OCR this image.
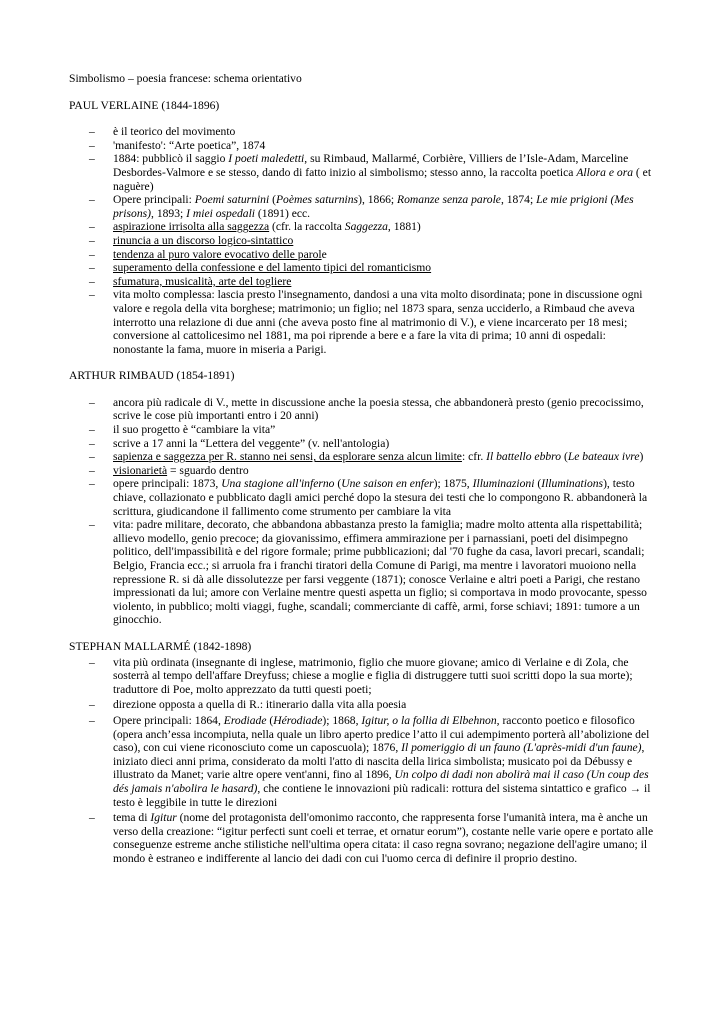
Simbolismo – poesia francese: schema orientativo

PAUL VERLAINE (1844-1896)

– è il teorico del movimento
– 'manifesto': “Arte poetica”, 1874
– 1884: pubblicò il saggio I poeti maledetti, su Rimbaud, Mallarmé, Corbière, Villiers de l’Isle-Adam, Marceline Desbordes-Valmore e se stesso, dando di fatto inizio al simbolismo; stesso anno, la raccolta poetica Allora e ora ( et naguère)
– Opere principali: Poemi saturnini (Poèmes saturnins), 1866; Romanze senza parole, 1874; Le mie prigioni (Mes prisons), 1893; I miei ospedali (1891) ecc.
– aspirazione irrisolta alla saggezza (cfr. la raccolta Saggezza, 1881)
– rinuncia a un discorso logico-sintattico
– tendenza al puro valore evocativo delle parole
– superamento della confessione e del lamento tipici del romanticismo
– sfumatura, musicalità, arte del togliere
– vita molto complessa: lascia presto l'insegnamento, dandosi a una vita molto disordinata; pone in discussione ogni valore e regola della vita borghese; matrimonio; un figlio; nel 1873 spara, senza ucciderlo, a Rimbaud che aveva interrotto una relazione di due anni (che aveva posto fine al matrimonio di V.), e viene incarcerato per 18 mesi; conversione al cattolicesimo nel 1881, ma poi riprende a bere e a fare la vita di prima; 10 anni di ospedali: nonostante la fama, muore in miseria a Parigi.

ARTHUR RIMBAUD (1854-1891)

– ancora più radicale di V., mette in discussione anche la poesia stessa, che abbandonerà presto (genio precocissimo, scrive le cose più importanti entro i 20 anni)
– il suo progetto è “cambiare la vita”
– scrive a 17 anni la “Lettera del veggente” (v. nell'antologia)
– sapienza e saggezza per R. stanno nei sensi, da esplorare senza alcun limite: cfr. Il battello ebbro (Le bateaux ivre)
– visionarietà = sguardo dentro
– opere principali: 1873, Una stagione all'inferno (Une saison en enfer); 1875, Illuminazioni (Illuminations), testo chiave, collazionato e pubblicato dagli amici perché dopo la stesura dei testi che lo compongono R. abbandonerà la scrittura, giudicandone il fallimento come strumento per cambiare la vita
– vita: padre militare, decorato, che abbandona abbastanza presto la famiglia; madre molto attenta alla rispettabilità; allievo modello, genio precoce; da giovanissimo, effimera ammirazione per i parnassiani, poeti del disimpegno politico, dell'impassibilità e del rigore formale; prime pubblicazioni; dal '70 fughe da casa, lavori precari, scandali; Belgio, Francia ecc.; si arruola fra i franchi tiratori della Comune di Parigi, ma mentre i lavoratori muoiono nella repressione R. si dà alle dissolutezze per farsi veggente (1871); conosce Verlaine e altri poeti a Parigi, che restano impressionati da lui; amore con Verlaine mentre questi aspetta un figlio; si comportava in modo provocante, spesso violento, in pubblico; molti viaggi, fughe, scandali; commerciante di caffè, armi, forse schiavi; 1891: tumore a un ginocchio.

STEPHAN MALLARMÉ (1842-1898)

– vita più ordinata (insegnante di inglese, matrimonio, figlio che muore giovane; amico di Verlaine e di Zola, che sosterrà al tempo dell'affare Dreyfuss; chiese a moglie e figlia di distruggere tutti suoi scritti dopo la sua morte); traduttore di Poe, molto apprezzato da tutti questi poeti;
– direzione opposta a quella di R.: itinerario dalla vita alla poesia
– Opere principali: 1864, Erodiade (Hérodiade); 1868, Igitur, o la follia di Elbehnon, racconto poetico e filosofico (opera anch’essa incompiuta, nella quale un libro aperto predice l’atto il cui adempimento porterà all’abolizione del caso), con cui viene riconosciuto come un caposcuola); 1876, Il pomeriggio di un fauno (L'après-midi d'un faune), iniziato dieci anni prima, considerato da molti l'atto di nascita della lirica simbolista; musicato poi da Débussy e illustrato da Manet; varie altre opere vent'anni, fino al 1896, Un colpo di dadi non abolirà mai il caso (Un coup des dés jamais n'abolira le hasard), che contiene le innovazioni più radicali: rottura del sistema sintattico e grafico → il testo è leggibile in tutte le direzioni
– tema di Igitur (nome del protagonista dell'omonimo racconto, che rappresenta forse l'umanità intera, ma è anche un verso della creazione: “igitur perfecti sunt coeli et terrae, et ornatur eorum”), costante nelle varie opere e portato alle conseguenze estreme anche stilistiche nell'ultima opera citata: il caso regna sovrano; negazione dell'agire umano; il mondo è estraneo e indifferente al lancio dei dadi con cui l'uomo cerca di definire il proprio destino.
